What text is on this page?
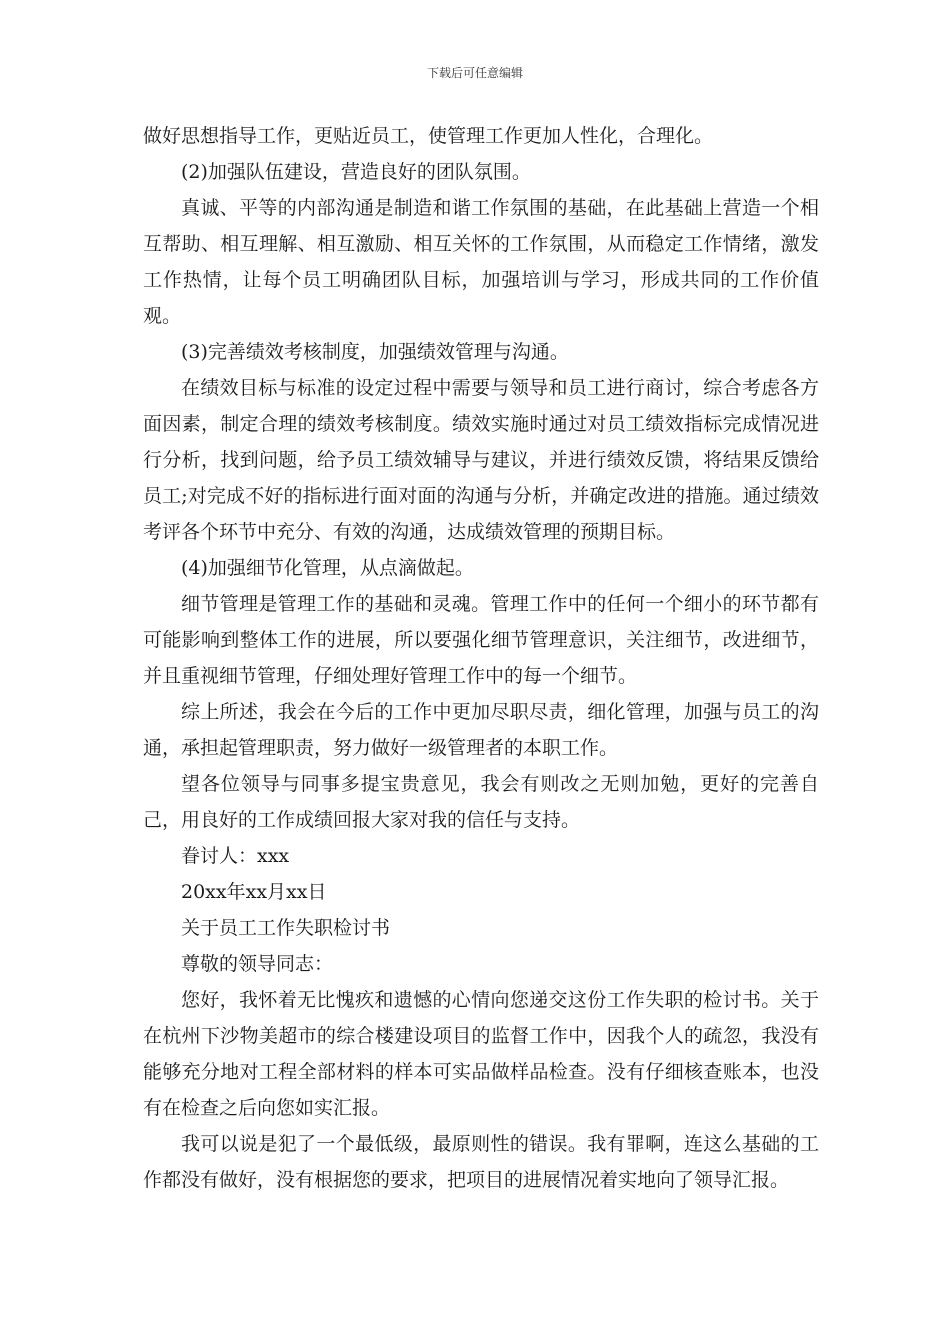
下载后可任意编辑

做好思想指导工作，更贴近员工，使管理工作更加人性化，合理化。

(2)加强队伍建设，营造良好的团队氛围。

真诚、平等的内部沟通是制造和谐工作氛围的基础，在此基础上营造一个相互帮助、相互理解、相互激励、相互关怀的工作氛围，从而稳定工作情绪，激发工作热情，让每个员工明确团队目标，加强培训与学习，形成共同的工作价值观。

(3)完善绩效考核制度，加强绩效管理与沟通。

在绩效目标与标准的设定过程中需要与领导和员工进行商讨，综合考虑各方面因素，制定合理的绩效考核制度。绩效实施时通过对员工绩效指标完成情况进行分析，找到问题，给予员工绩效辅导与建议，并进行绩效反馈，将结果反馈给员工;对完成不好的指标进行面对面的沟通与分析，并确定改进的措施。通过绩效考评各个环节中充分、有效的沟通，达成绩效管理的预期目标。

(4)加强细节化管理，从点滴做起。

细节管理是管理工作的基础和灵魂。管理工作中的任何一个细小的环节都有可能影响到整体工作的进展，所以要强化细节管理意识，关注细节，改进细节，并且重视细节管理，仔细处理好管理工作中的每一个细节。

综上所述，我会在今后的工作中更加尽职尽责，细化管理，加强与员工的沟通，承担起管理职责，努力做好一级管理者的本职工作。

望各位领导与同事多提宝贵意见，我会有则改之无则加勉，更好的完善自己，用良好的工作成绩回报大家对我的信任与支持。

眷讨人：xxx

20xx年xx月xx日

关于员工工作失职检讨书

尊敬的领导同志：

您好，我怀着无比愧疚和遗憾的心情向您递交这份工作失职的检讨书。关于在杭州下沙物美超市的综合楼建设项目的监督工作中，因我个人的疏忽，我没有能够充分地对工程全部材料的样本可实品做样品检查。没有仔细核查账本，也没有在检查之后向您如实汇报。

我可以说是犯了一个最低级，最原则性的错误。我有罪啊，连这么基础的工作都没有做好，没有根据您的要求，把项目的进展情况着实地向了领导汇报。
